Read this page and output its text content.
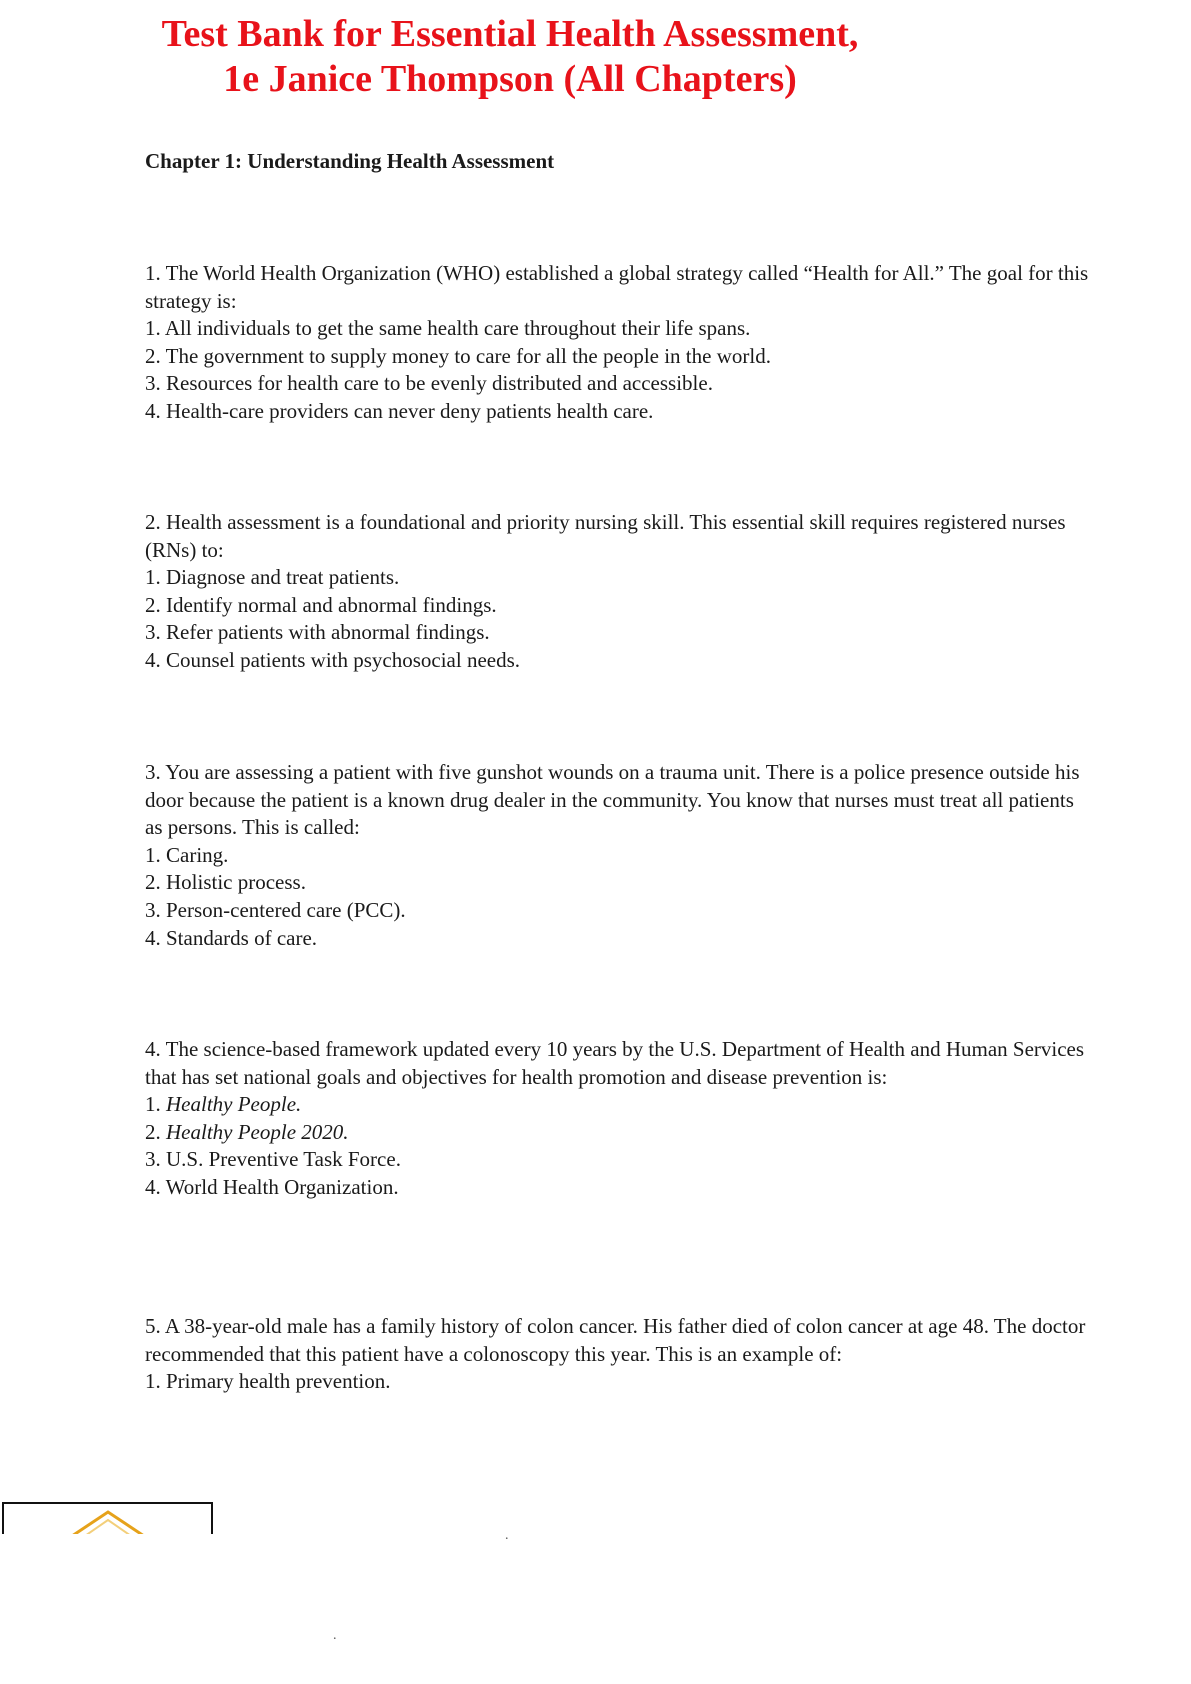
Test Bank for Essential Health Assessment, 1e Janice Thompson (All Chapters)
Chapter 1: Understanding Health Assessment

1. The World Health Organization (WHO) established a global strategy called “Health for All.” The goal for this strategy is:

1. All individuals to get the same health care throughout their life spans.

2. The government to supply money to care for all the people in the world.

3. Resources for health care to be evenly distributed and accessible.

4. Health-care providers can never deny patients health care.

2. Health assessment is a foundational and priority nursing skill. This essential skill requires registered nurses (RNs) to:

1. Diagnose and treat patients.

2. Identify normal and abnormal findings.

3. Refer patients with abnormal findings.

4. Counsel patients with psychosocial needs.

3. You are assessing a patient with five gunshot wounds on a trauma unit. There is a police presence outside his door because the patient is a known drug dealer in the community. You know that nurses must treat all patients as persons. This is called:

1. Caring.

2. Holistic process.

3. Person-centered care (PCC).

4. Standards of care.

4. The science-based framework updated every 10 years by the U.S. Department of Health and Human Services that has set national goals and objectives for health promotion and disease prevention is:

1. Healthy People.

2. Healthy People 2020.

3. U.S. Preventive Task Force.

4. World Health Organization.

5. A 38-year-old male has a family history of colon cancer. His father died of colon cancer at age 48. The doctor recommended that this patient have a colonoscopy this year. This is an example of:

1. Primary health prevention.

.
.
